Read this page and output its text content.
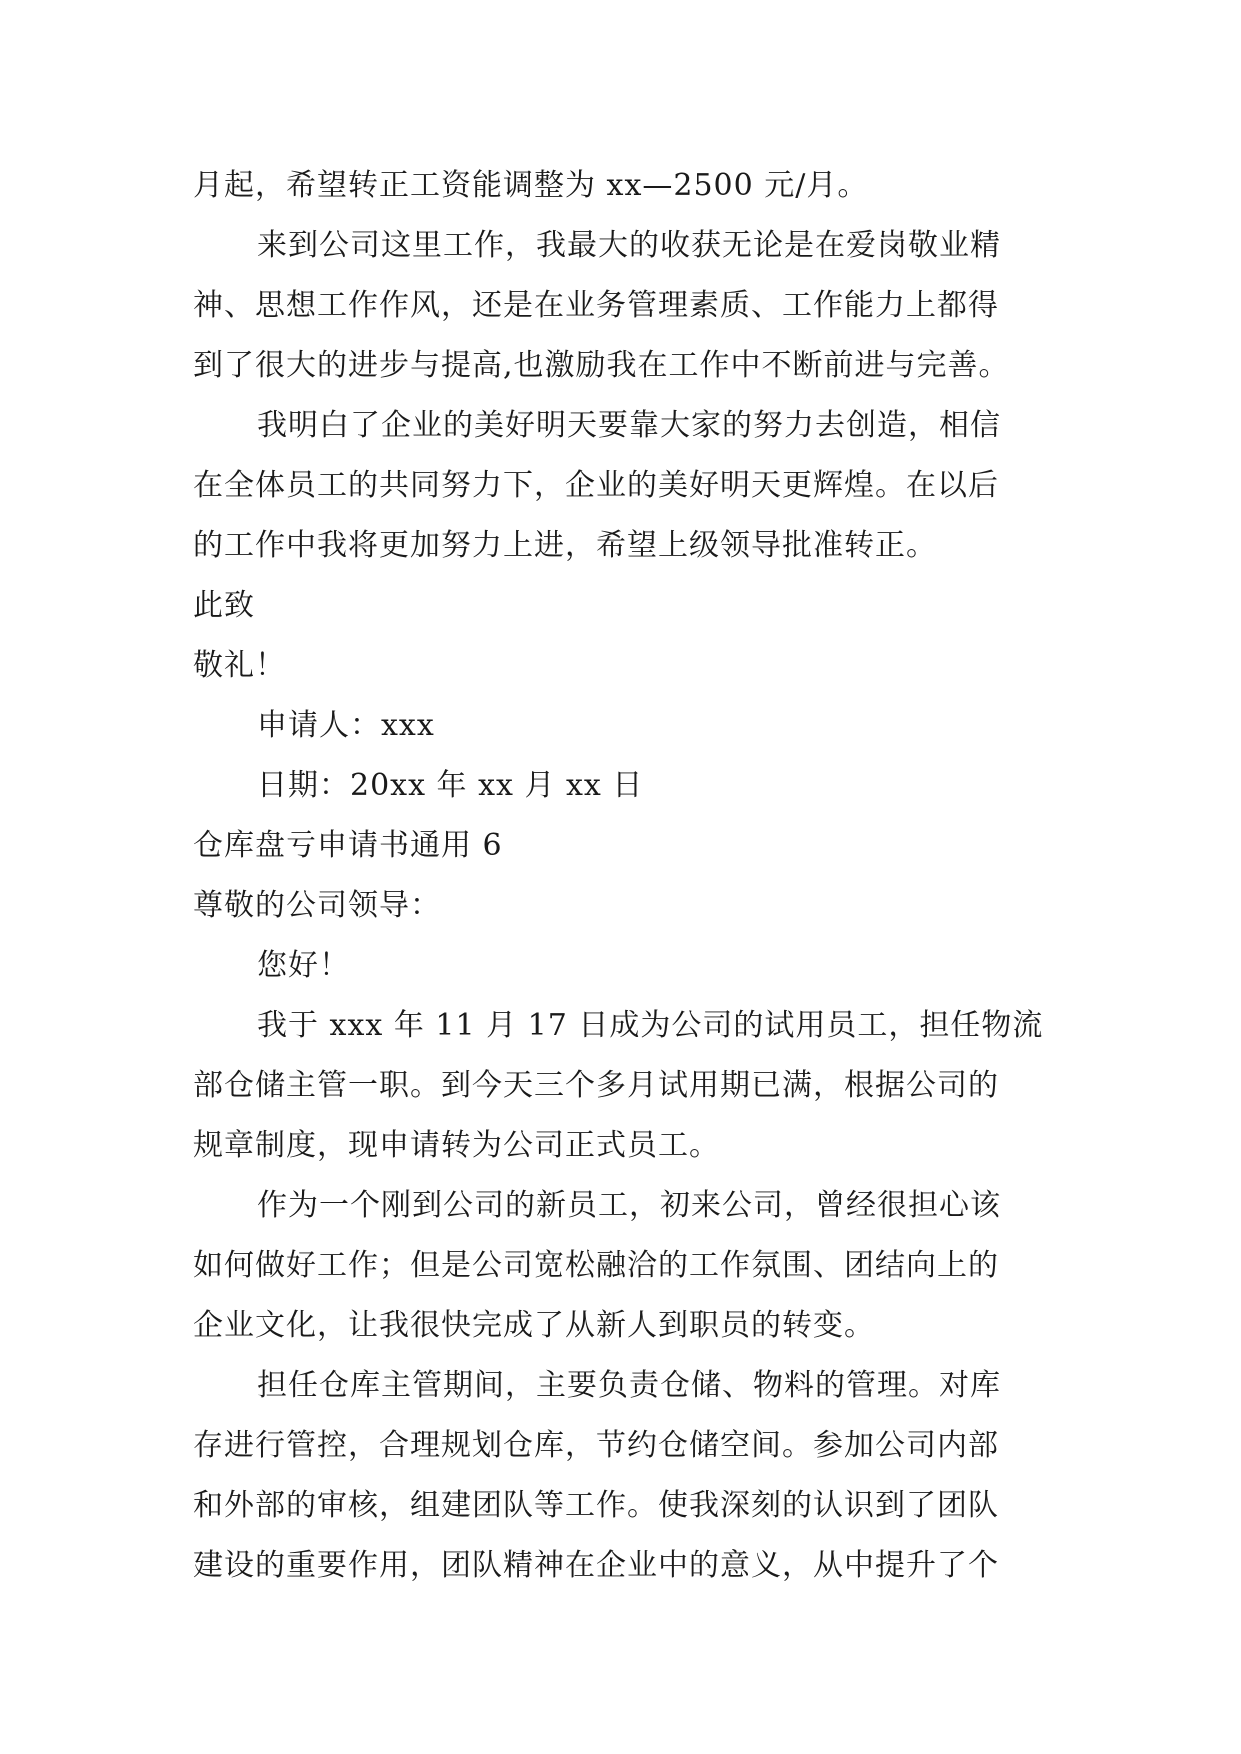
月起，希望转正工资能调整为 xx—2500 元/月。
来到公司这里工作，我最大的收获无论是在爱岗敬业精
神、思想工作作风，还是在业务管理素质、工作能力上都得
到了很大的进步与提高,也激励我在工作中不断前进与完善。
我明白了企业的美好明天要靠大家的努力去创造，相信
在全体员工的共同努力下，企业的美好明天更辉煌。在以后
的工作中我将更加努力上进，希望上级领导批准转正。
此致
敬礼！
申请人：xxx
日期：20xx 年 xx 月 xx 日
仓库盘亏申请书通用 6
尊敬的公司领导：
您好！
我于 xxx 年 11 月 17 日成为公司的试用员工，担任物流
部仓储主管一职。到今天三个多月试用期已满，根据公司的
规章制度，现申请转为公司正式员工。
作为一个刚到公司的新员工，初来公司，曾经很担心该
如何做好工作；但是公司宽松融洽的工作氛围、团结向上的
企业文化，让我很快完成了从新人到职员的转变。
担任仓库主管期间，主要负责仓储、物料的管理。对库
存进行管控，合理规划仓库，节约仓储空间。参加公司内部
和外部的审核，组建团队等工作。使我深刻的认识到了团队
建设的重要作用，团队精神在企业中的意义，从中提升了个
